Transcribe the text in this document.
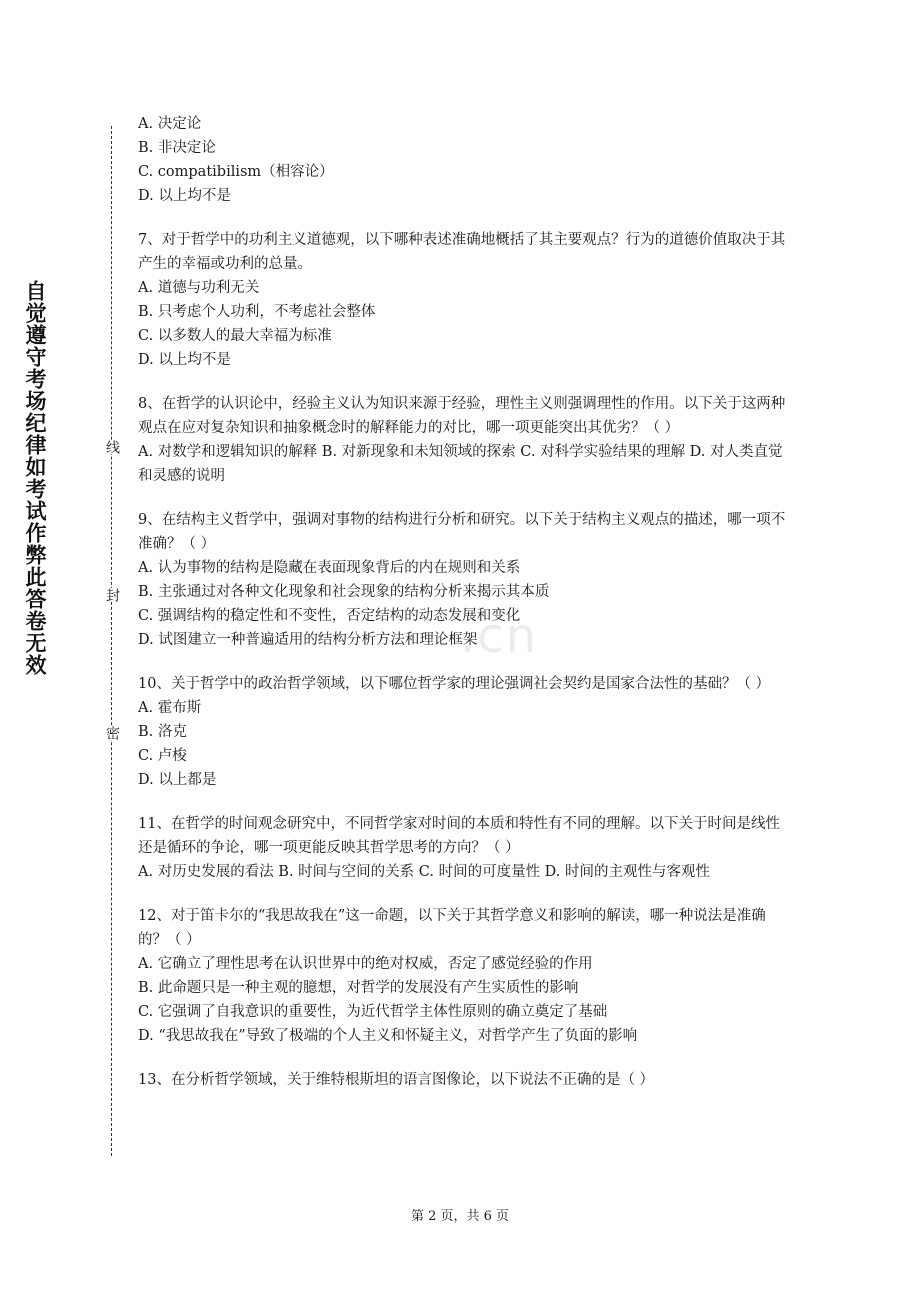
自觉遵守考场纪律如考试作弊此答卷无效	线
封
密
.cn

A. 决定论

B. 非决定论

C. compatibilism（相容论）

D. 以上均不是

7、对于哲学中的功利主义道德观，以下哪种表述准确地概括了其主要观点？行为的道德价值取决于其产生的幸福或功利的总量。

A. 道德与功利无关

B. 只考虑个人功利，不考虑社会整体

C. 以多数人的最大幸福为标准

D. 以上均不是

8、在哲学的认识论中，经验主义认为知识来源于经验，理性主义则强调理性的作用。以下关于这两种观点在应对复杂知识和抽象概念时的解释能力的对比，哪一项更能突出其优劣？（ ）

A. 对数学和逻辑知识的解释 B. 对新现象和未知领域的探索 C. 对科学实验结果的理解 D. 对人类直觉和灵感的说明

9、在结构主义哲学中，强调对事物的结构进行分析和研究。以下关于结构主义观点的描述，哪一项不准确？（ ）

A. 认为事物的结构是隐藏在表面现象背后的内在规则和关系

B. 主张通过对各种文化现象和社会现象的结构分析来揭示其本质

C. 强调结构的稳定性和不变性，否定结构的动态发展和变化

D. 试图建立一种普遍适用的结构分析方法和理论框架

10、关于哲学中的政治哲学领域，以下哪位哲学家的理论强调社会契约是国家合法性的基础？（ ）

A. 霍布斯

B. 洛克

C. 卢梭

D. 以上都是

11、在哲学的时间观念研究中，不同哲学家对时间的本质和特性有不同的理解。以下关于时间是线性还是循环的争论，哪一项更能反映其哲学思考的方向？（ ）

A. 对历史发展的看法 B. 时间与空间的关系 C. 时间的可度量性 D. 时间的主观性与客观性

12、对于笛卡尔的“我思故我在”这一命题，以下关于其哲学意义和影响的解读，哪一种说法是准确的？（ ）

A. 它确立了理性思考在认识世界中的绝对权威，否定了感觉经验的作用

B. 此命题只是一种主观的臆想，对哲学的发展没有产生实质性的影响

C. 它强调了自我意识的重要性，为近代哲学主体性原则的确立奠定了基础

D. “我思故我在”导致了极端的个人主义和怀疑主义，对哲学产生了负面的影响

13、在分析哲学领域，关于维特根斯坦的语言图像论，以下说法不正确的是（ ）

第 2 页，共 6 页
